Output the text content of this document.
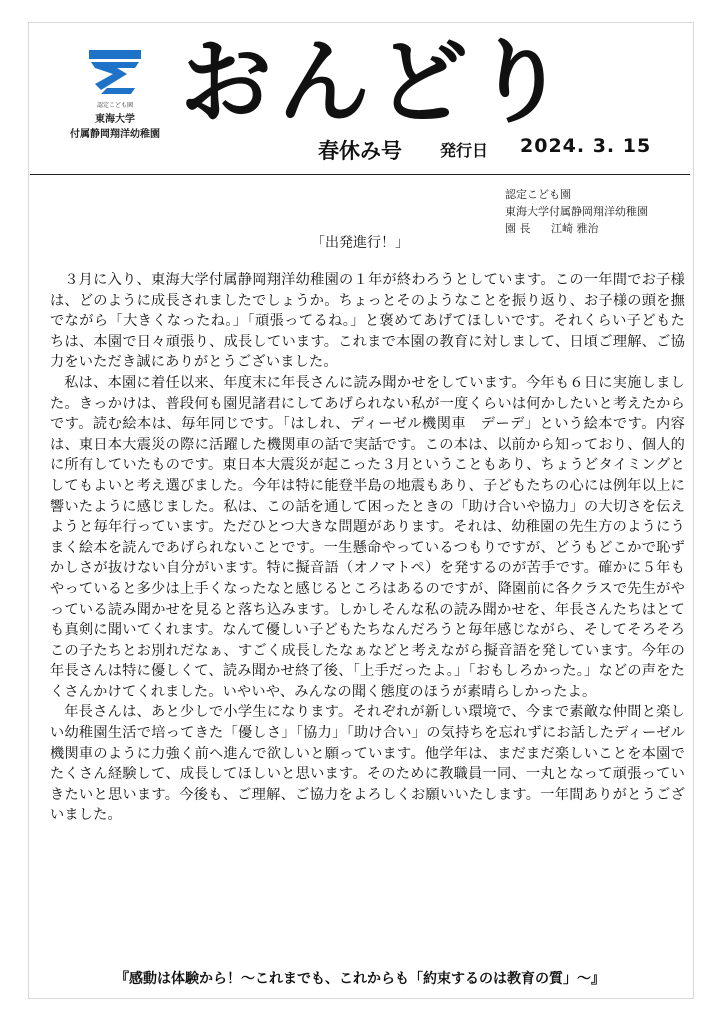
認定こども園
東海大学
付属静岡翔洋幼稚園 おんどり
春休み号 発行日 2024. 3. 15
認定こども園
東海大学付属静岡翔洋幼稚園
園 長 江崎 雅治
「出発進行！」

３月に入り、東海大学付属静岡翔洋幼稚園の１年が終わろうとしています。この一年間でお子様は、どのように成長されましたでしょうか。ちょっとそのようなことを振り返り、お子様の頭を撫でながら「大きくなったね。」「頑張ってるね。」と褒めてあげてほしいです。それくらい子どもたちは、本園で日々頑張り、成長しています。これまで本園の教育に対しまして、日頃ご理解、ご協力をいただき誠にありがとうございました。

私は、本園に着任以来、年度末に年長さんに読み聞かせをしています。今年も６日に実施しました。きっかけは、普段何も園児諸君にしてあげられない私が一度くらいは何かしたいと考えたからです。読む絵本は、毎年同じです。「はしれ、ディーゼル機関車　デーデ」という絵本です。内容は、東日本大震災の際に活躍した機関車の話で実話です。この本は、以前から知っており、個人的に所有していたものです。東日本大震災が起こった３月ということもあり、ちょうどタイミングとしてもよいと考え選びました。今年は特に能登半島の地震もあり、子どもたちの心には例年以上に響いたように感じました。私は、この話を通して困ったときの「助け合いや協力」の大切さを伝えようと毎年行っています。ただひとつ大きな問題があります。それは、幼稚園の先生方のようにうまく絵本を読んであげられないことです。一生懸命やっているつもりですが、どうもどこかで恥ずかしさが抜けない自分がいます。特に擬音語（オノマトペ）を発するのが苦手です。確かに５年もやっていると多少は上手くなったなと感じるところはあるのですが、降園前に各クラスで先生がやっている読み聞かせを見ると落ち込みます。しかしそんな私の読み聞かせを、年長さんたちはとても真剣に聞いてくれます。なんて優しい子どもたちなんだろうと毎年感じながら、そしてそろそろこの子たちとお別れだなぁ、すごく成長したなぁなどと考えながら擬音語を発しています。今年の年長さんは特に優しくて、読み聞かせ終了後、「上手だったよ。」「おもしろかった。」などの声をたくさんかけてくれました。いやいや、みんなの聞く態度のほうが素晴らしかったよ。

年長さんは、あと少しで小学生になります。それぞれが新しい環境で、今まで素敵な仲間と楽しい幼稚園生活で培ってきた「優しさ」「協力」「助け合い」の気持ちを忘れずにお話したディーゼル機関車のように力強く前へ進んで欲しいと願っています。他学年は、まだまだ楽しいことを本園でたくさん経験して、成長してほしいと思います。そのために教職員一同、一丸となって頑張っていきたいと思います。今後も、ご理解、ご協力をよろしくお願いいたします。一年間ありがとうございました。

『感動は体験から！～これまでも、これからも「約束するのは教育の質」～』
